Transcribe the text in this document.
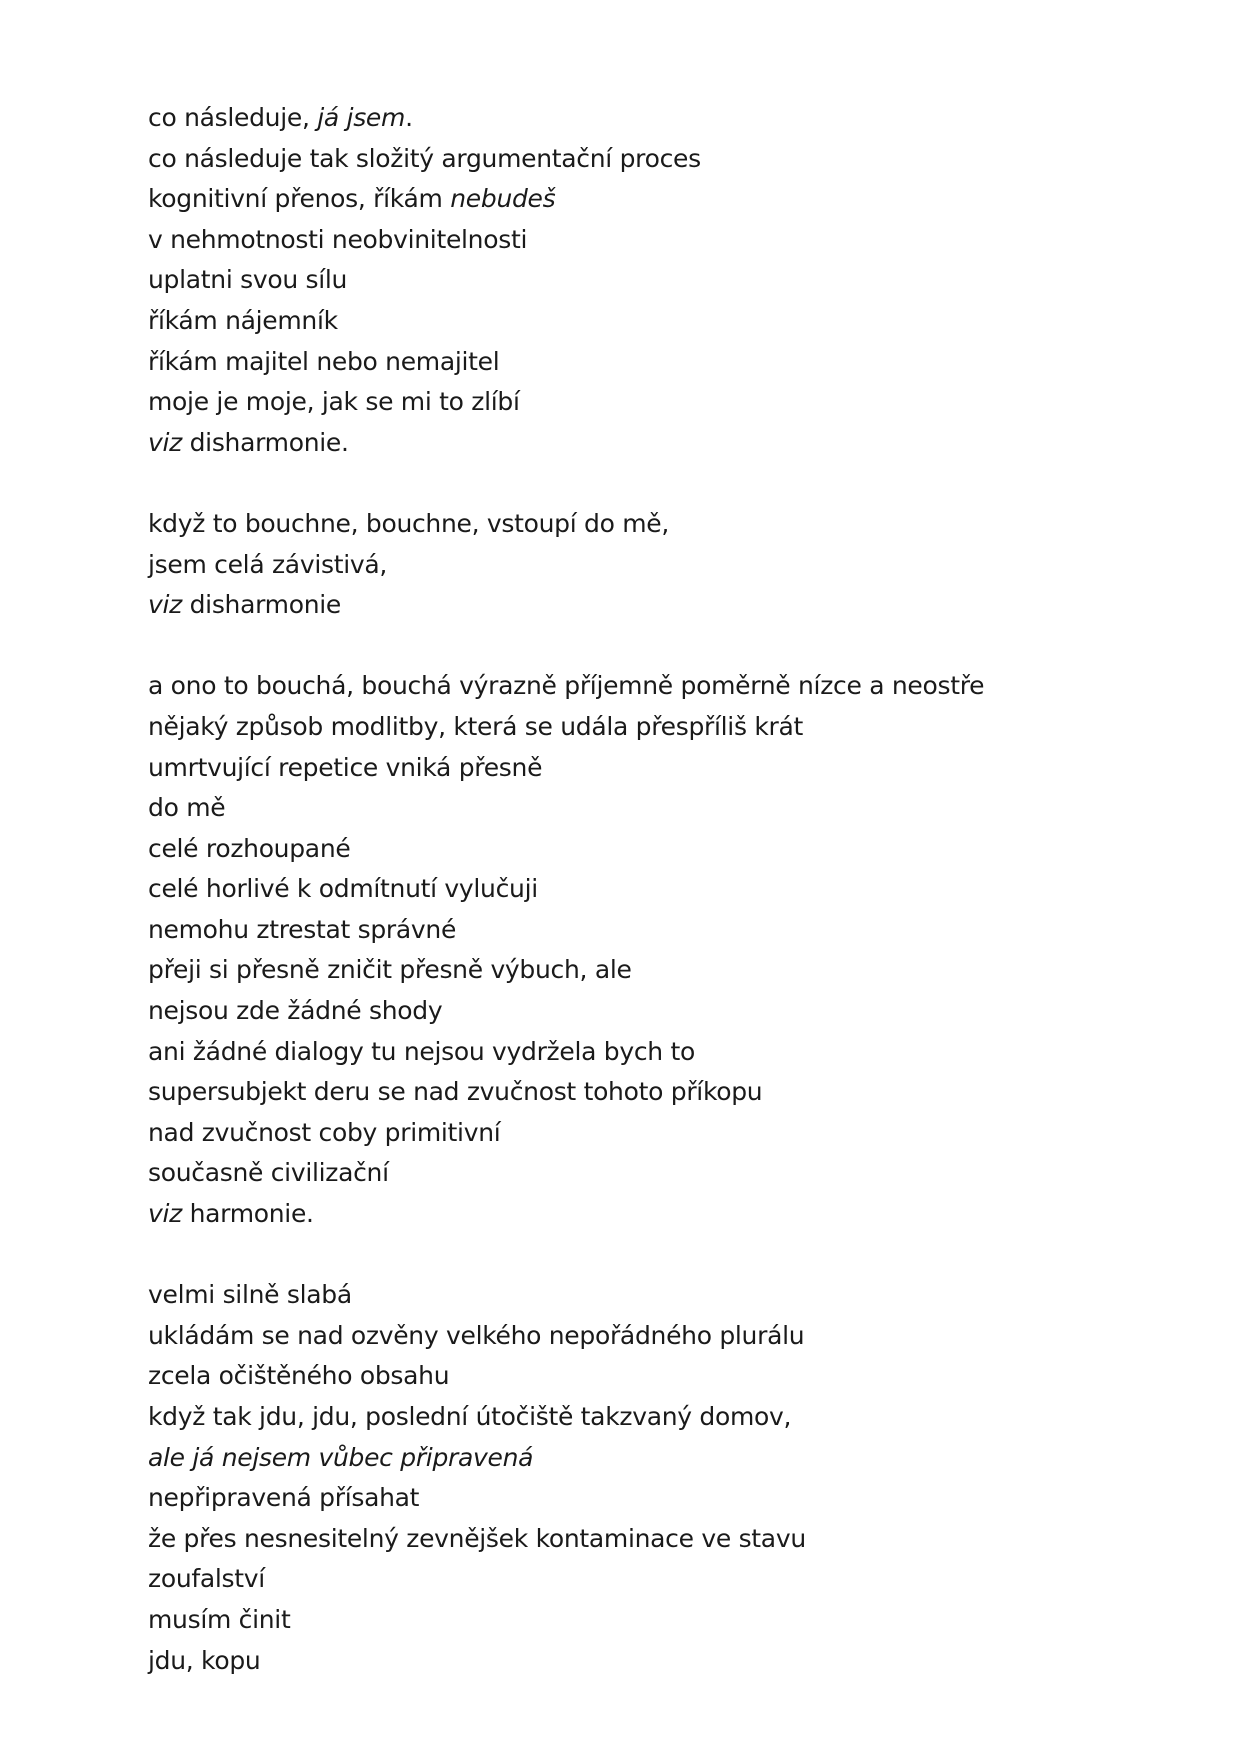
co následuje, já jsem.
co následuje tak složitý argumentační proces
kognitivní přenos, říkám nebudeš
v nehmotnosti neobvinitelnosti
uplatni svou sílu
říkám nájemník
říkám majitel nebo nemajitel
moje je moje, jak se mi to zlíbí
viz disharmonie.
když to bouchne, bouchne, vstoupí do mě,
jsem celá závistivá,
viz disharmonie
a ono to bouchá, bouchá výrazně příjemně poměrně nízce a neostře
nějaký způsob modlitby, která se udála přespříliš krát
umrtvující repetice vniká přesně
do mě
celé rozhoupané
celé horlivé k odmítnutí vylučuji
nemohu ztrestat správné
přeji si přesně zničit přesně výbuch, ale
nejsou zde žádné shody
ani žádné dialogy tu nejsou vydržela bych to
supersubjekt deru se nad zvučnost tohoto příkopu
nad zvučnost coby primitivní
současně civilizační
viz harmonie.
velmi silně slabá
ukládám se nad ozvěny velkého nepořádného plurálu
zcela očištěného obsahu
když tak jdu, jdu, poslední útočiště takzvaný domov,
ale já nejsem vůbec připravená
nepřipravená přísahat
že přes nesnesitelný zevnějšek kontaminace ve stavu
zoufalství
musím činit
jdu, kopu
